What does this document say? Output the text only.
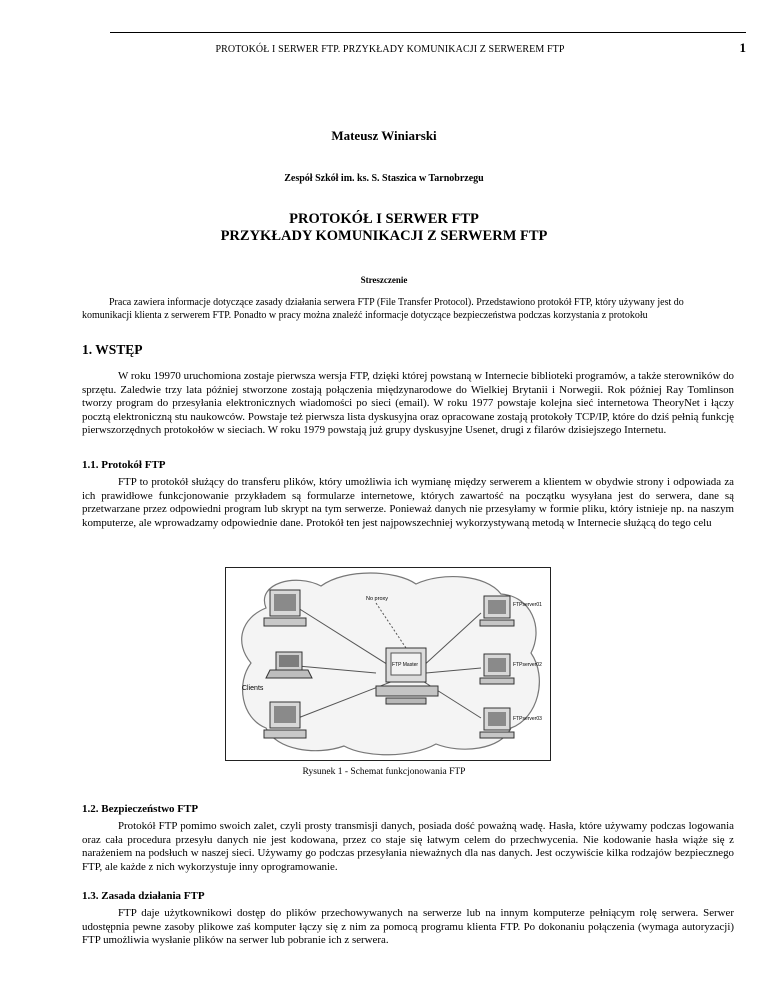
PROTOKÓŁ I SERWER FTP. PRZYKŁADY KOMUNIKACJI Z SERWEREM FTP	1
Mateusz Winiarski
Zespół Szkół im. ks. S. Staszica w Tarnobrzegu
PROTOKÓŁ I SERWER FTP
PRZYKŁADY KOMUNIKACJI Z SERWERM FTP
Streszczenie

Praca zawiera informacje dotyczące zasady działania serwera FTP (File Transfer Protocol). Przedstawiono protokół FTP, który używany jest do komunikacji klienta z serwerem FTP. Ponadto w pracy można znaleźć informacje dotyczące bezpieczeństwa podczas korzystania z protokołu

1. WSTĘP

W roku 19970 uruchomiona zostaje pierwsza wersja FTP, dzięki której powstaną w Internecie biblioteki programów, a także sterowników do sprzętu. Zaledwie trzy lata później stworzone zostają połączenia międzynarodowe do Wielkiej Brytanii i Norwegii. Rok później Ray Tomlinson tworzy program do przesyłania elektronicznych wiadomości po sieci (email). W roku 1977 powstaje kolejna sieć internetowa TheoryNet i łączy pocztą elektroniczną stu naukowców. Powstaje też pierwsza lista dyskusyjna oraz opracowane zostają protokoły TCP/IP, które do dziś pełnią funkcję pierwszorzędnych protokołów w sieciach. W roku 1979 powstają już grupy dyskusyjne Usenet, drugi z filarów dzisiejszego Internetu.

1.1. Protokół FTP

FTP to protokół służący do transferu plików, który umożliwia ich wymianę między serwerem a klientem w obydwie strony i odpowiada za ich prawidłowe funkcjonowanie przykładem są formularze internetowe, których zawartość na początku wysyłana jest do serwera, dane są przetwarzane przez odpowiedni program lub skrypt na tym serwerze. Ponieważ danych nie przesyłamy w formie pliku, który istnieje np. na naszym komputerze, ale wprowadzamy odpowiednie dane. Protokół ten jest najpowszechniej wykorzystywaną metodą w Internecie służącą do tego celu

Clients
No proxy
FTP Master
FTPserver01
FTPserver02
FTPserver03
Rysunek 1 - Schemat funkcjonowania FTP
1.2. Bezpieczeństwo FTP

Protokół FTP pomimo swoich zalet, czyli prosty transmisji danych, posiada dość poważną wadę. Hasła, które używamy podczas logowania oraz cała procedura przesyłu danych nie jest kodowana, przez co staje się łatwym celem do przechwycenia. Nie kodowanie hasła wiąże się z narażeniem na podsłuch w naszej sieci. Używamy go podczas przesyłania nieważnych dla nas danych. Jest oczywiście kilka rodzajów bezpiecznego FTP, ale każde z nich wykorzystuje inny oprogramowanie.

1.3. Zasada działania FTP

FTP daje użytkownikowi dostęp do plików przechowywanych na serwerze lub na innym komputerze pełniącym rolę serwera. Serwer udostępnia pewne zasoby plikowe zaś komputer łączy się z nim za pomocą programu klienta FTP. Po dokonaniu połączenia (wymaga autoryzacji) FTP umożliwia wysłanie plików na serwer lub pobranie ich z serwera.
